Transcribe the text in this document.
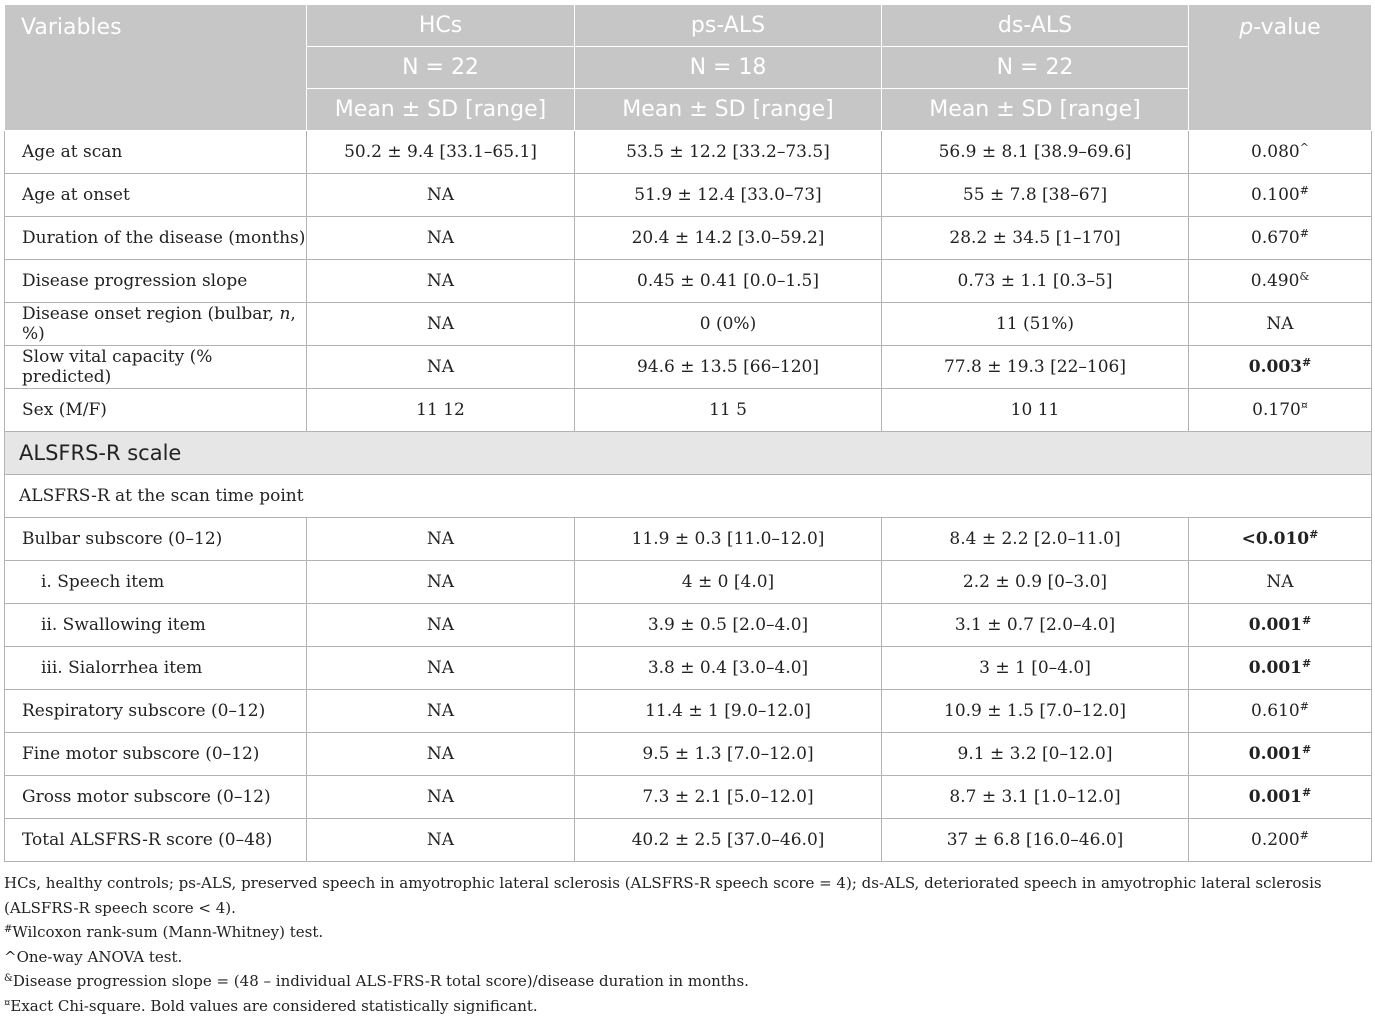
Variables	HCs	ps-ALS	ds-ALS	p-value
	N = 22	N = 18	N = 22	
	Mean ± SD [range]	Mean ± SD [range]	Mean ± SD [range]	
Age at scan	50.2 ± 9.4 [33.1–65.1]	53.5 ± 12.2 [33.2–73.5]	56.9 ± 8.1 [38.9–69.6]	0.080^
Age at onset	NA	51.9 ± 12.4 [33.0–73]	55 ± 7.8 [38–67]	0.100#
Duration of the disease (months)	NA	20.4 ± 14.2 [3.0–59.2]	28.2 ± 34.5 [1–170]	0.670#
Disease progression slope	NA	0.45 ± 0.41 [0.0–1.5]	0.73 ± 1.1 [0.3–5]	0.490&
Disease onset region (bulbar, n, %)	NA	0 (0%)	11 (51%)	NA
Slow vital capacity (% predicted)	NA	94.6 ± 13.5 [66–120]	77.8 ± 19.3 [22–106]	0.003#
Sex (M/F)	11 12	11 5	10 11	0.170¤
ALSFRS-R scale				
ALSFRS-R at the scan time point				
Bulbar subscore (0–12)	NA	11.9 ± 0.3 [11.0–12.0]	8.4 ± 2.2 [2.0–11.0]	<0.010#
i. Speech item	NA	4 ± 0 [4.0]	2.2 ± 0.9 [0–3.0]	NA
ii. Swallowing item	NA	3.9 ± 0.5 [2.0–4.0]	3.1 ± 0.7 [2.0–4.0]	0.001#
iii. Sialorrhea item	NA	3.8 ± 0.4 [3.0–4.0]	3 ± 1 [0–4.0]	0.001#
Respiratory subscore (0–12)	NA	11.4 ± 1 [9.0–12.0]	10.9 ± 1.5 [7.0–12.0]	0.610#
Fine motor subscore (0–12)	NA	9.5 ± 1.3 [7.0–12.0]	9.1 ± 3.2 [0–12.0]	0.001#
Gross motor subscore (0–12)	NA	7.3 ± 2.1 [5.0–12.0]	8.7 ± 3.1 [1.0–12.0]	0.001#
Total ALSFRS-R score (0–48)	NA	40.2 ± 2.5 [37.0–46.0]	37 ± 6.8 [16.0–46.0]	0.200#

HCs, healthy controls; ps-ALS, preserved speech in amyotrophic lateral sclerosis (ALSFRS-R speech score = 4); ds-ALS, deteriorated speech in amyotrophic lateral sclerosis (ALSFRS-R speech score < 4).

#Wilcoxon rank-sum (Mann-Whitney) test.

^One-way ANOVA test.

&Disease progression slope = (48 – individual ALS-FRS-R total score)/disease duration in months.

¤Exact Chi-square. Bold values are considered statistically significant.
